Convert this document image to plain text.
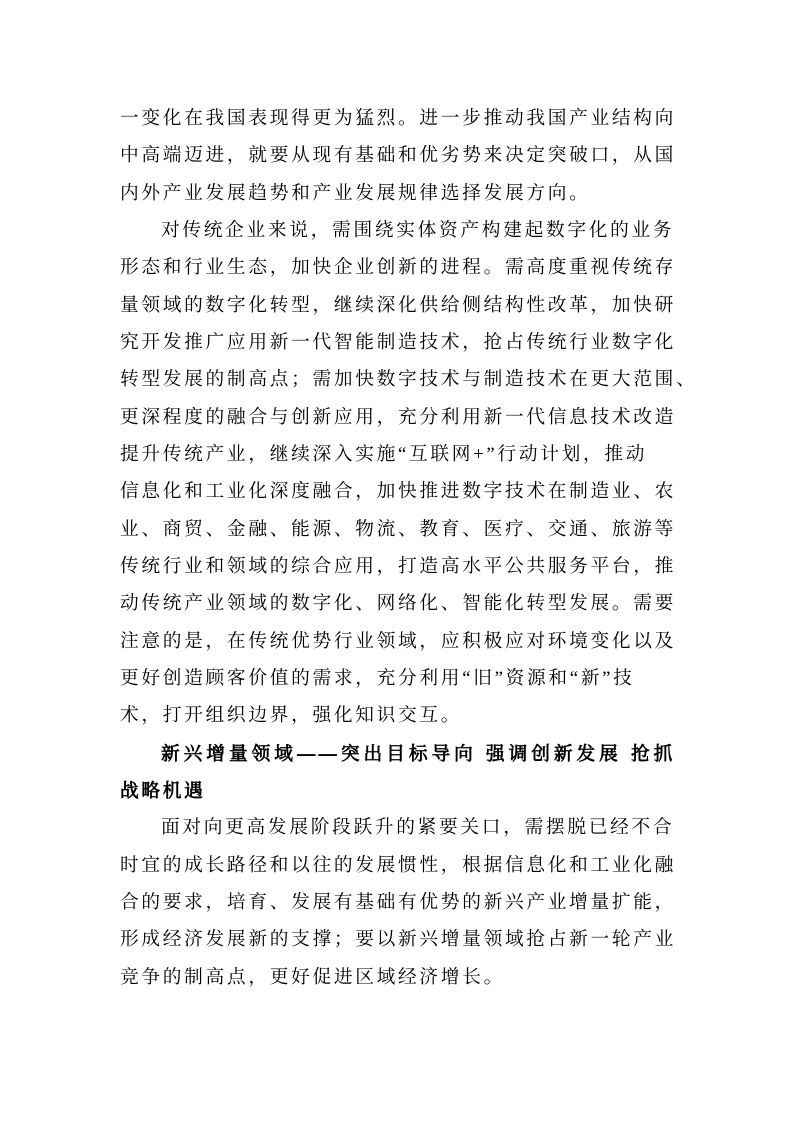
一变化在我国表现得更为猛烈。进一步推动我国产业结构向
中高端迈进，就要从现有基础和优劣势来决定突破口，从国
内外产业发展趋势和产业发展规律选择发展方向。
对传统企业来说，需围绕实体资产构建起数字化的业务
形态和行业生态，加快企业创新的进程。需高度重视传统存
量领域的数字化转型，继续深化供给侧结构性改革，加快研
究开发推广应用新一代智能制造技术，抢占传统行业数字化
转型发展的制高点；需加快数字技术与制造技术在更大范围、
更深程度的融合与创新应用，充分利用新一代信息技术改造
提升传统产业，继续深入实施“互联网+”行动计划，推动
信息化和工业化深度融合，加快推进数字技术在制造业、农
业、商贸、金融、能源、物流、教育、医疗、交通、旅游等
传统行业和领域的综合应用，打造高水平公共服务平台，推
动传统产业领域的数字化、网络化、智能化转型发展。需要
注意的是，在传统优势行业领域，应积极应对环境变化以及
更好创造顾客价值的需求，充分利用“旧”资源和“新”技
术，打开组织边界，强化知识交互。
新兴增量领域——突出目标导向 强调创新发展 抢抓
战略机遇
面对向更高发展阶段跃升的紧要关口，需摆脱已经不合
时宜的成长路径和以往的发展惯性，根据信息化和工业化融
合的要求，培育、发展有基础有优势的新兴产业增量扩能，
形成经济发展新的支撑；要以新兴增量领域抢占新一轮产业
竞争的制高点，更好促进区域经济增长。
